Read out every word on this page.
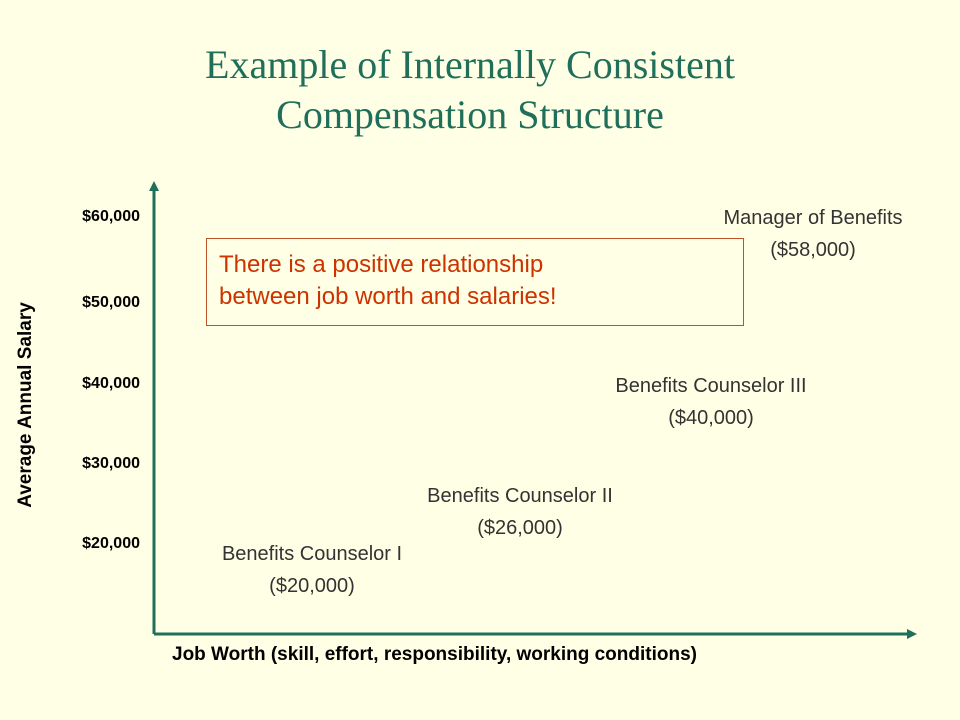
Example of Internally Consistent
Compensation Structure
Average Annual Salary
$20,000
$30,000
$40,000
$50,000
$60,000
Job Worth (skill, effort, responsibility, working conditions)
Benefits Counselor I
($20,000)
Benefits Counselor II
($26,000)
Benefits Counselor III
($40,000)
Manager of Benefits
($58,000)
There is a positive relationship
between job worth and salaries!
